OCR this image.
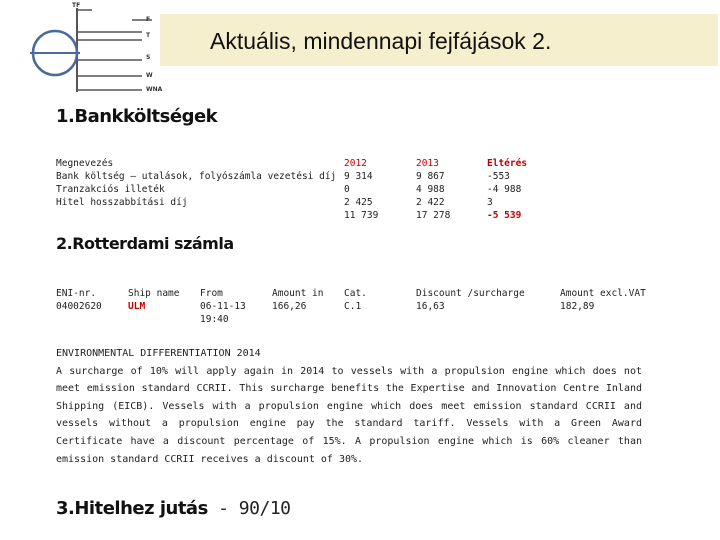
Aktuális, mindennapi fejfájások 2.
TF
F
T
S
W
WNA
1.Bankköltségek
Megnevezés
Bank költség – utalások, folyószámla vezetési díj
Tranzakciós illeték
Hitel hosszabbítási díj
2012
9 314
0
2 425
11 739
2013
9 867
4 988
2 422
17 278
Eltérés
-553
-4 988
3
-5 539
2.Rotterdami számla
ENI-nr.
04002620
Ship name
ULM
From
06-11-13
19:40
Amount in
166,26
Cat.
C.1
Discount /surcharge
16,63
Amount excl.VAT
182,89
ENVIRONMENTAL DIFFERENTIATION 2014
A surcharge of 10% will apply again in 2014 to vessels with a propulsion engine which does not meet emission standard CCRII. This surcharge benefits the Expertise and Innovation Centre Inland Shipping (EICB). Vessels with a propulsion engine which does meet emission standard CCRII and vessels without a propulsion engine pay the standard tariff. Vessels with a Green Award Certificate have a discount percentage of 15%. A propulsion engine which is 60% cleaner than emission standard CCRII receives a discount of 30%.
3.Hitelhez jutás - 90/10
